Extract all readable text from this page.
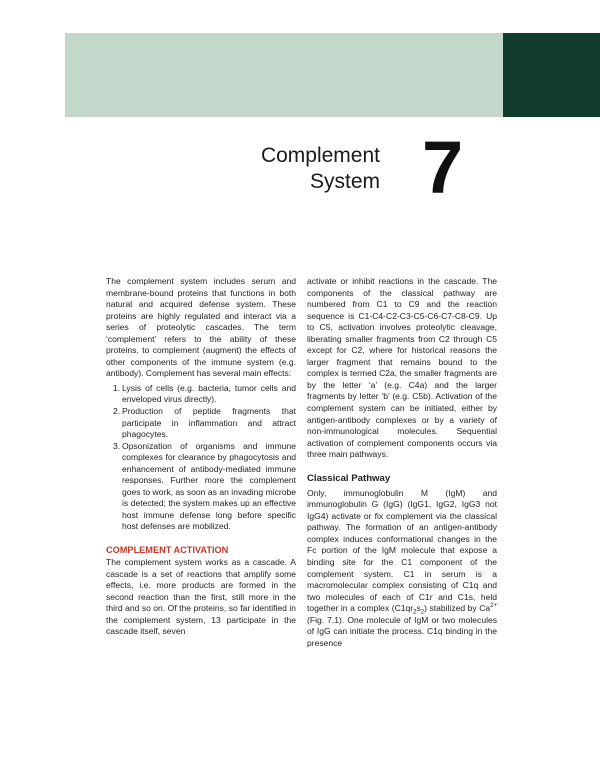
Complement
System 7

The complement system includes serum and membrane-bound proteins that functions in both natural and acquired defense system. These proteins are highly regulated and interact via a series of proteolytic cascades. The term ‘complement’ refers to the ability of these proteins, to complement (augment) the effects of other components of the immune system (e.g. antibody). Complement has several main effects:

1. Lysis of cells (e.g. bacteria, tumor cells and enveloped virus directly).
2. Production of peptide fragments that participate in inflammation and attract phagocytes.
3. Opsonization of organisms and immune complexes for clearance by phagocytosis and enhancement of antibody-mediated immune responses. Further more the complement goes to work, as soon as an invading microbe is detected; the system makes up an effective host immune defense long before specific host defenses are mobilized.
COMPLEMENT ACTIVATION

The complement system works as a cascade. A cascade is a set of reactions that amplify some effects, i.e. more products are formed in the second reaction than the first, still more in the third and so on. Of the proteins, so far identified in the complement system, 13 participate in the cascade itself, seven

activate or inhibit reactions in the cascade. The components of the classical pathway are numbered from C1 to C9 and the reaction sequence is C1-C4-C2-C3-C5-C6-C7-C8-C9. Up to C5, activation involves proteolytic cleavage, liberating smaller fragments from C2 through C5 except for C2, where for historical reasons the larger fragment that remains bound to the complex is termed C2a, the smaller fragments are by the letter ‘a’ (e.g. C4a) and the larger fragments by letter ‘b’ (e.g. C5b). Activation of the complement system can be initiated, either by antigen-antibody complexes or by a variety of non-immunological molecules. Sequential activation of complement components occurs via three main pathways.

Classical Pathway

Only, immunoglobulin M (IgM) and immunoglobulin G (IgG) (IgG1, IgG2, IgG3 not IgG4) activate or fix complement via the classical pathway. The formation of an antigen-antibody complex induces conformational changes in the Fc portion of the IgM molecule that expose a binding site for the C1 component of the complement system. C1 in serum is a macromolecular complex consisting of C1q and two molecules of each of C1r and C1s, held together in a complex $(C1qr_2s_2)$ stabilized by $Ca^{2+}$ (Fig. 7.1). One molecule of IgM or two molecules of IgG can initiate the process. C1q binding in the presence
